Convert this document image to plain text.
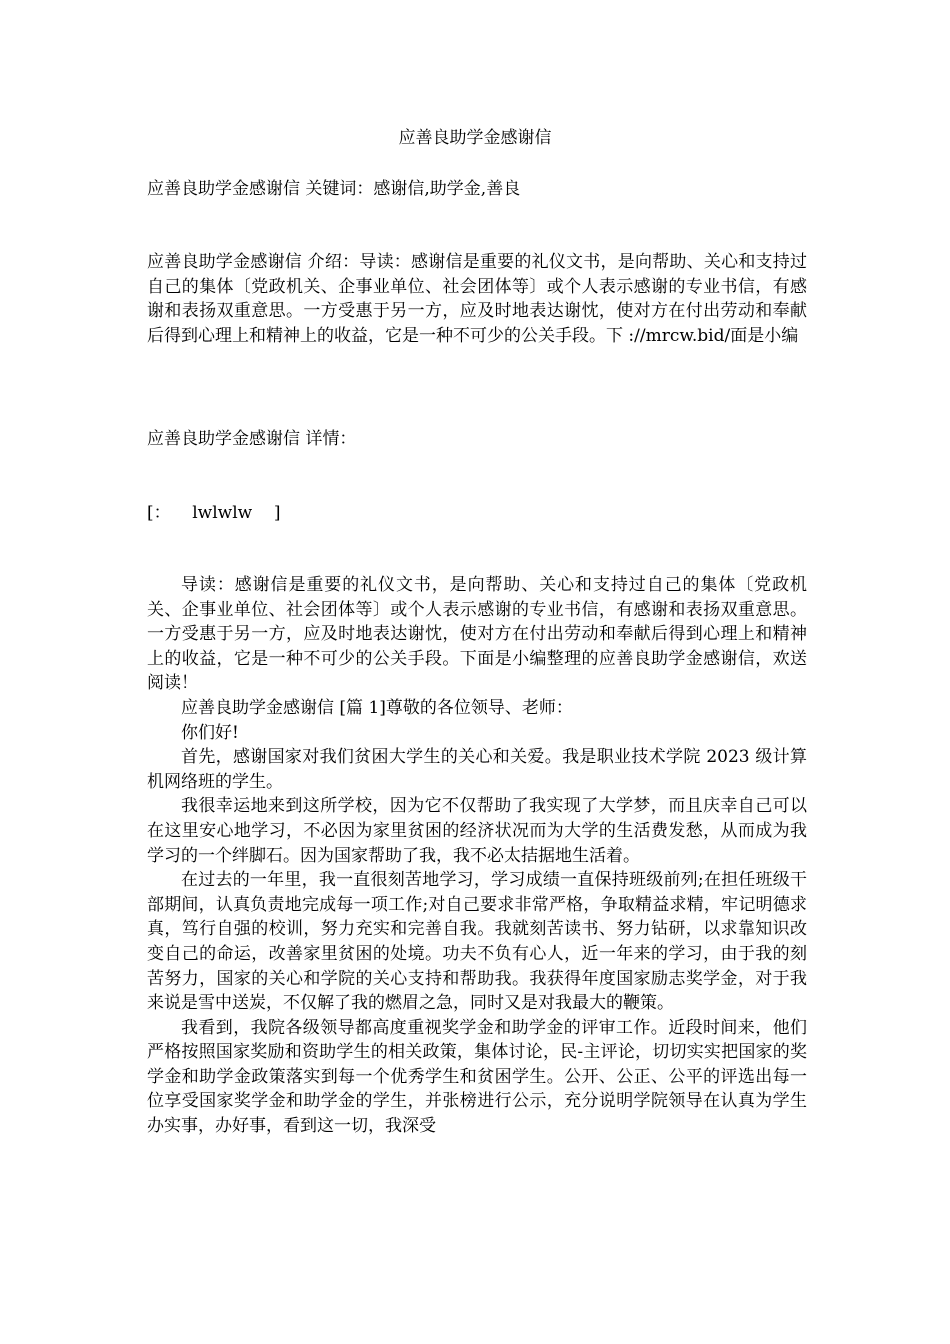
应善良助学金感谢信
应善良助学金感谢信 关键词：感谢信,助学金,善良
应善良助学金感谢信 介绍：导读：感谢信是重要的礼仪文书，是向帮助、关心和支持过自己的集体〔党政机关、企事业单位、社会团体等〕或个人表示感谢的专业书信，有感谢和表扬双重意思。一方受惠于另一方，应及时地表达谢忱，使对方在付出劳动和奉献后得到心理上和精神上的收益，它是一种不可少的公关手段。下 ://mrcw.bid/面是小编
应善良助学金感谢信 详情：
[：    lwlwlw    ]

导读：感谢信是重要的礼仪文书，是向帮助、关心和支持过自己的集体〔党政机关、企事业单位、社会团体等〕或个人表示感谢的专业书信，有感谢和表扬双重意思。一方受惠于另一方，应及时地表达谢忱，使对方在付出劳动和奉献后得到心理上和精神上的收益，它是一种不可少的公关手段。下面是小编整理的应善良助学金感谢信，欢送阅读！

应善良助学金感谢信 [篇 1]尊敬的各位领导、老师：

你们好!

首先，感谢国家对我们贫困大学生的关心和关爱。我是职业技术学院 2023 级计算机网络班的学生。

我很幸运地来到这所学校，因为它不仅帮助了我实现了大学梦，而且庆幸自己可以在这里安心地学习，不必因为家里贫困的经济状况而为大学的生活费发愁，从而成为我学习的一个绊脚石。因为国家帮助了我，我不必太拮据地生活着。

在过去的一年里，我一直很刻苦地学习，学习成绩一直保持班级前列;在担任班级干部期间，认真负责地完成每一项工作;对自己要求非常严格，争取精益求精，牢记明德求真，笃行自强的校训，努力充实和完善自我。我就刻苦读书、努力钻研，以求靠知识改变自己的命运，改善家里贫困的处境。功夫不负有心人，近一年来的学习，由于我的刻苦努力，国家的关心和学院的关心支持和帮助我。我获得年度国家励志奖学金，对于我来说是雪中送炭，不仅解了我的燃眉之急，同时又是对我最大的鞭策。

我看到，我院各级领导都高度重视奖学金和助学金的评审工作。近段时间来，他们严格按照国家奖励和资助学生的相关政策，集体讨论，民-主评论，切切实实把国家的奖学金和助学金政策落实到每一个优秀学生和贫困学生。公开、公正、公平的评选出每一位享受国家奖学金和助学金的学生，并张榜进行公示，充分说明学院领导在认真为学生办实事，办好事，看到这一切，我深受
